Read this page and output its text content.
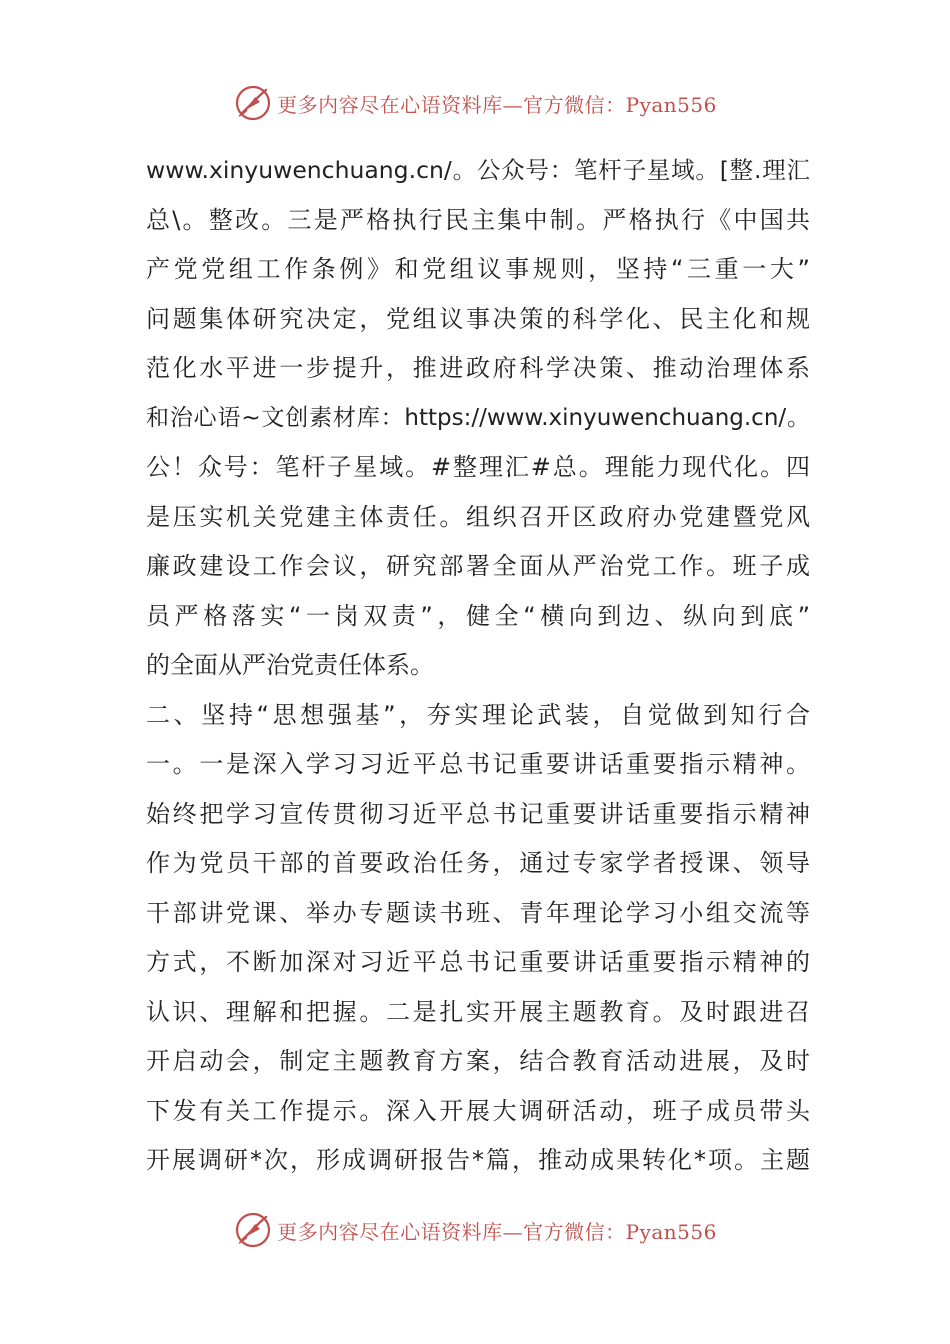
更多内容尽在心语资料库—官方微信：Pyan556
www.xinyuwenchuang.cn/。公众号：笔杆子星域。[整.理汇
总\。整改。三是严格执行民主集中制。严格执行《中国共
产党党组工作条例》和党组议事规则，坚持“三重一大”
问题集体研究决定，党组议事决策的科学化、民主化和规
范化水平进一步提升，推进政府科学决策、推动治理体系
和治心语~文创素材库：https://www.xinyuwenchuang.cn/。
公！众号：笔杆子星域。#整理汇#总。理能力现代化。四
是压实机关党建主体责任。组织召开区政府办党建暨党风
廉政建设工作会议，研究部署全面从严治党工作。班子成
员严格落实“一岗双责”，健全“横向到边、纵向到底”
的全面从严治党责任体系。
二、坚持“思想强基”，夯实理论武装，自觉做到知行合
一。一是深入学习习近平总书记重要讲话重要指示精神。
始终把学习宣传贯彻习近平总书记重要讲话重要指示精神
作为党员干部的首要政治任务，通过专家学者授课、领导
干部讲党课、举办专题读书班、青年理论学习小组交流等
方式，不断加深对习近平总书记重要讲话重要指示精神的
认识、理解和把握。二是扎实开展主题教育。及时跟进召
开启动会，制定主题教育方案，结合教育活动进展，及时
下发有关工作提示。深入开展大调研活动，班子成员带头
开展调研*次，形成调研报告*篇，推动成果转化*项。主题
更多内容尽在心语资料库—官方微信：Pyan556
